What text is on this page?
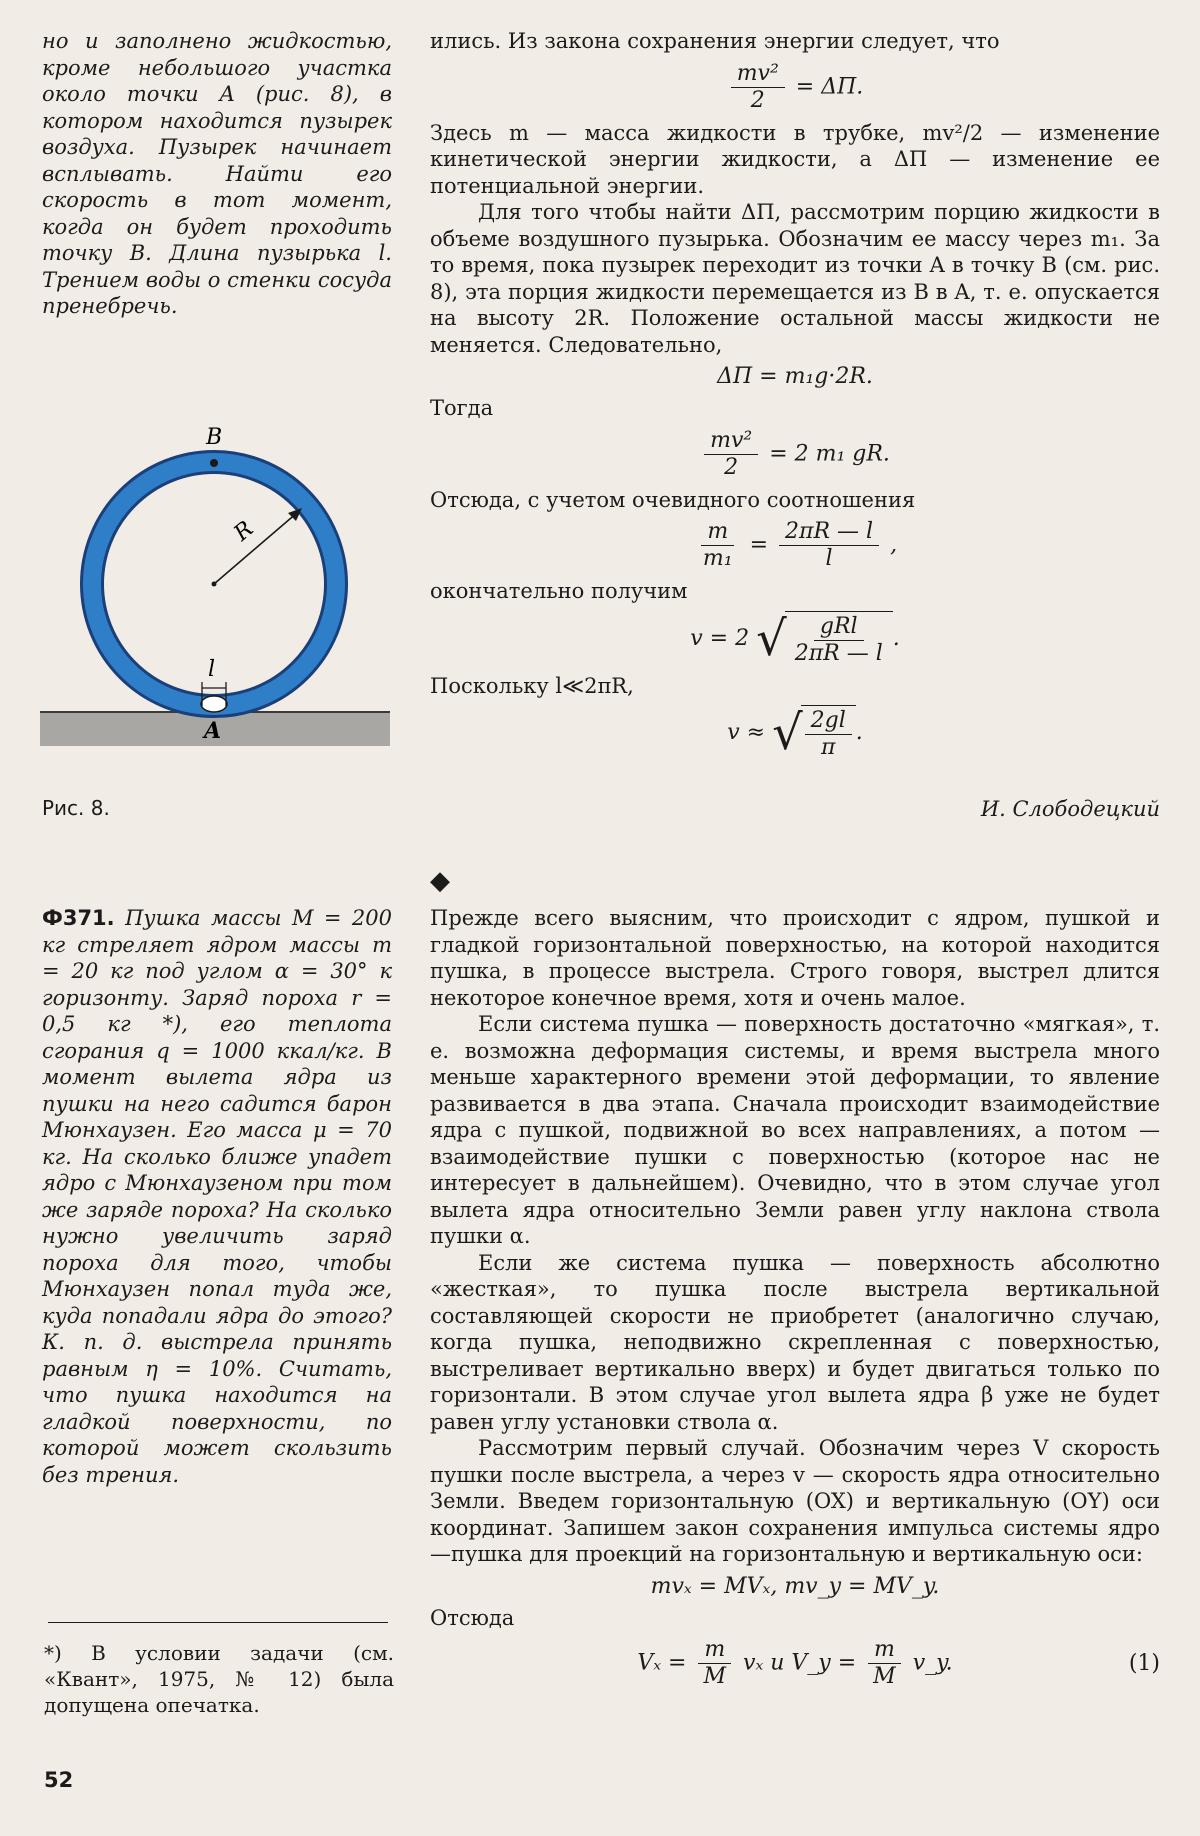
но и заполнено жидкостью, кроме небольшого участка около точки A (рис. 8), в котором находится пузырек воздуха. Пузырек начинает всплывать. Найти его скорость в тот момент, когда он будет проходить точку B. Длина пузырька l. Трением воды о стенки сосуда пренебречь.

B
R
l
A
Рис. 8.

ились. Из закона сохранения энергии следует, что

$\frac{\text{mv²}}{2} = \Delta П$.

Здесь m — масса жидкости в трубке, mv²/2 — изменение кинетической энергии жидкости, а ΔП — изменение ее потенциальной энергии.

Для того чтобы найти ΔП, рассмотрим порцию жидкости в объеме воздушного пузырька. Обозначим ее массу через m₁. За то время, пока пузырек переходит из точки A в точку B (см. рис. 8), эта порция жидкости перемещается из B в A, т. е. опускается на высоту 2R. Положение остальной массы жидкости не меняется. Следовательно,

ΔП = m₁g·2R.

Тогда

$\frac{\text{mv²}}{2} = 2$ m₁ gR.

Отсюда, с учетом очевидного соотношения

$\frac{m}{\text{m₁}} = \frac{2\pi R — l}{l}$ ,

окончательно получим

v = 2 √ $\frac{\text{gRl}}{2\pi R — l}$ .

Поскольку l≪2πR,

v ≈ √ $\frac{2gl}{\pi}$ .
И. Слободецкий
◆

Ф371. Пушка массы M = 200 кг стреляет ядром массы m = 20 кг под углом α = 30° к горизонту. Заряд пороха r = 0,5 кг *), его теплота сгорания q = 1000 ккал/кг. В момент вылета ядра из пушки на него садится барон Мюнхаузен. Его масса μ = 70 кг. На сколько ближе упадет ядро с Мюнхаузеном при том же заряде пороха? На сколько нужно увеличить заряд пороха для того, чтобы Мюнхаузен попал туда же, куда попадали ядра до этого? К. п. д. выстрела принять равным η = 10%. Считать, что пушка находится на гладкой поверхности, по которой может скользить без трения.

*) В условии задачи (см. «Квант», 1975, № 12) была допущена опечатка.

Прежде всего выясним, что происходит с ядром, пушкой и гладкой горизонтальной поверхностью, на которой находится пушка, в процессе выстрела. Строго говоря, выстрел длится некоторое конечное время, хотя и очень малое.

Если система пушка — поверхность достаточно «мягкая», т. е. возможна деформация системы, и время выстрела много меньше характерного времени этой деформации, то явление развивается в два этапа. Сначала происходит взаимодействие ядра с пушкой, подвижной во всех направлениях, а потом — взаимодействие пушки с поверхностью (которое нас не интересует в дальнейшем). Очевидно, что в этом случае угол вылета ядра относительно Земли равен углу наклона ствола пушки α.

Если же система пушка — поверхность абсолютно «жесткая», то пушка после выстрела вертикальной составляющей скорости не приобретет (аналогично случаю, когда пушка, неподвижно скрепленная с поверхностью, выстреливает вертикально вверх) и будет двигаться только по горизонтали. В этом случае угол вылета ядра β уже не будет равен углу установки ствола α.

Рассмотрим первый случай. Обозначим через V скорость пушки после выстрела, а через v — скорость ядра относительно Земли. Введем горизонтальную (OX) и вертикальную (OY) оси координат. Запишем закон сохранения импульса системы ядро—пушка для проекций на горизонтальную и вертикальную оси:

mvₓ = MVₓ, mv_y = MV_y.

Отсюда

$V_x = \frac{m}{M}$ vₓ и V_y = $\frac{m}{M}$ v_y.	(1)
52
